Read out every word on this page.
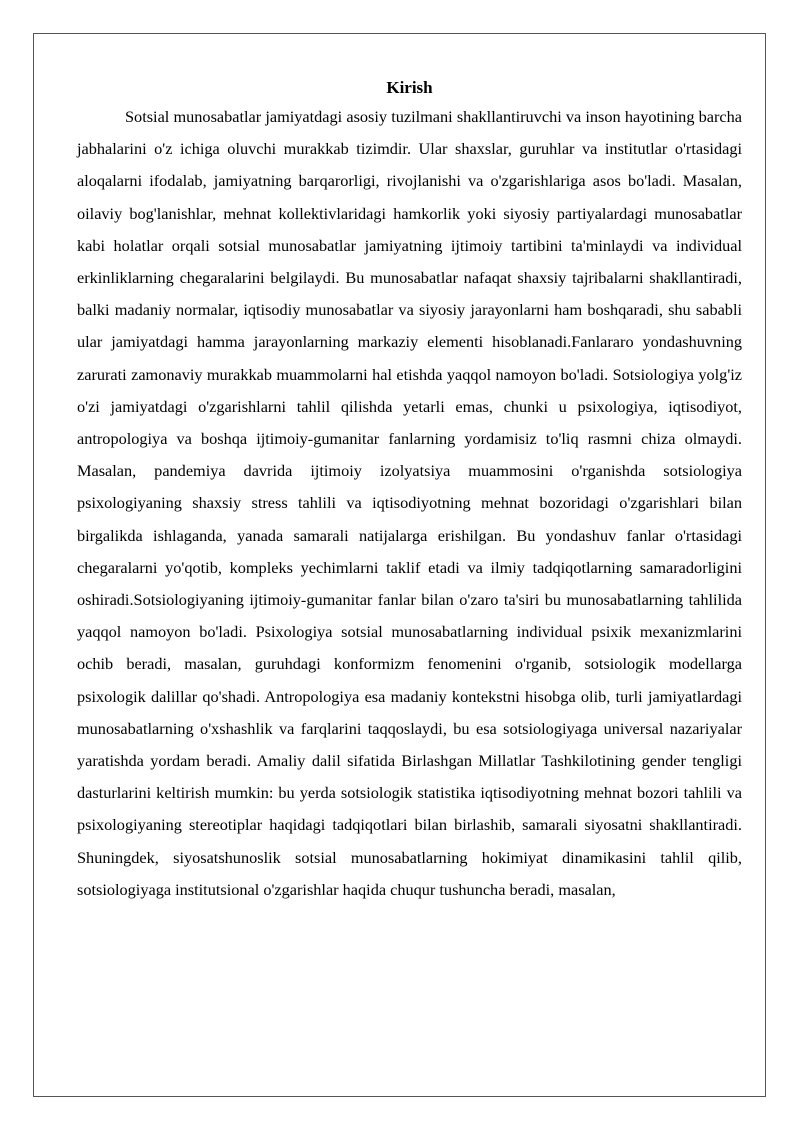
Kirish

Sotsial munosabatlar jamiyatdagi asosiy tuzilmani shakllantiruvchi va inson hayotining barcha jabhalarini o'z ichiga oluvchi murakkab tizimdir. Ular shaxslar, guruhlar va institutlar o'rtasidagi aloqalarni ifodalab, jamiyatning barqarorligi, rivojlanishi va o'zgarishlariga asos bo'ladi. Masalan, oilaviy bog'lanishlar, mehnat kollektivlaridagi hamkorlik yoki siyosiy partiyalardagi munosabatlar kabi holatlar orqali sotsial munosabatlar jamiyatning ijtimoiy tartibini ta'minlaydi va individual erkinliklarning chegaralarini belgilaydi. Bu munosabatlar nafaqat shaxsiy tajribalarni shakllantiradi, balki madaniy normalar, iqtisodiy munosabatlar va siyosiy jarayonlarni ham boshqaradi, shu sababli ular jamiyatdagi hamma jarayonlarning markaziy elementi hisoblanadi.Fanlararo yondashuvning zarurati zamonaviy murakkab muammolarni hal etishda yaqqol namoyon bo'ladi. Sotsiologiya yolg'iz o'zi jamiyatdagi o'zgarishlarni tahlil qilishda yetarli emas, chunki u psixologiya, iqtisodiyot, antropologiya va boshqa ijtimoiy-gumanitar fanlarning yordamisiz to'liq rasmni chiza olmaydi. Masalan, pandemiya davrida ijtimoiy izolyatsiya muammosini o'rganishda sotsiologiya psixologiyaning shaxsiy stress tahlili va iqtisodiyotning mehnat bozoridagi o'zgarishlari bilan birgalikda ishlaganda, yanada samarali natijalarga erishilgan. Bu yondashuv fanlar o'rtasidagi chegaralarni yo'qotib, kompleks yechimlarni taklif etadi va ilmiy tadqiqotlarning samaradorligini oshiradi.Sotsiologiyaning ijtimoiy-gumanitar fanlar bilan o'zaro ta'siri bu munosabatlarning tahlilida yaqqol namoyon bo'ladi. Psixologiya sotsial munosabatlarning individual psixik mexanizmlarini ochib beradi, masalan, guruhdagi konformizm fenomenini o'rganib, sotsiologik modellarga psixologik dalillar qo'shadi. Antropologiya esa madaniy kontekstni hisobga olib, turli jamiyatlardagi munosabatlarning o'xshashlik va farqlarini taqqoslaydi, bu esa sotsiologiyaga universal nazariyalar yaratishda yordam beradi. Amaliy dalil sifatida Birlashgan Millatlar Tashkilotining gender tengligi dasturlarini keltirish mumkin: bu yerda sotsiologik statistika iqtisodiyotning mehnat bozori tahlili va psixologiyaning stereotiplar haqidagi tadqiqotlari bilan birlashib, samarali siyosatni shakllantiradi. Shuningdek, siyosatshunoslik sotsial munosabatlarning hokimiyat dinamikasini tahlil qilib, sotsiologiyaga institutsional o'zgarishlar haqida chuqur tushuncha beradi, masalan,
